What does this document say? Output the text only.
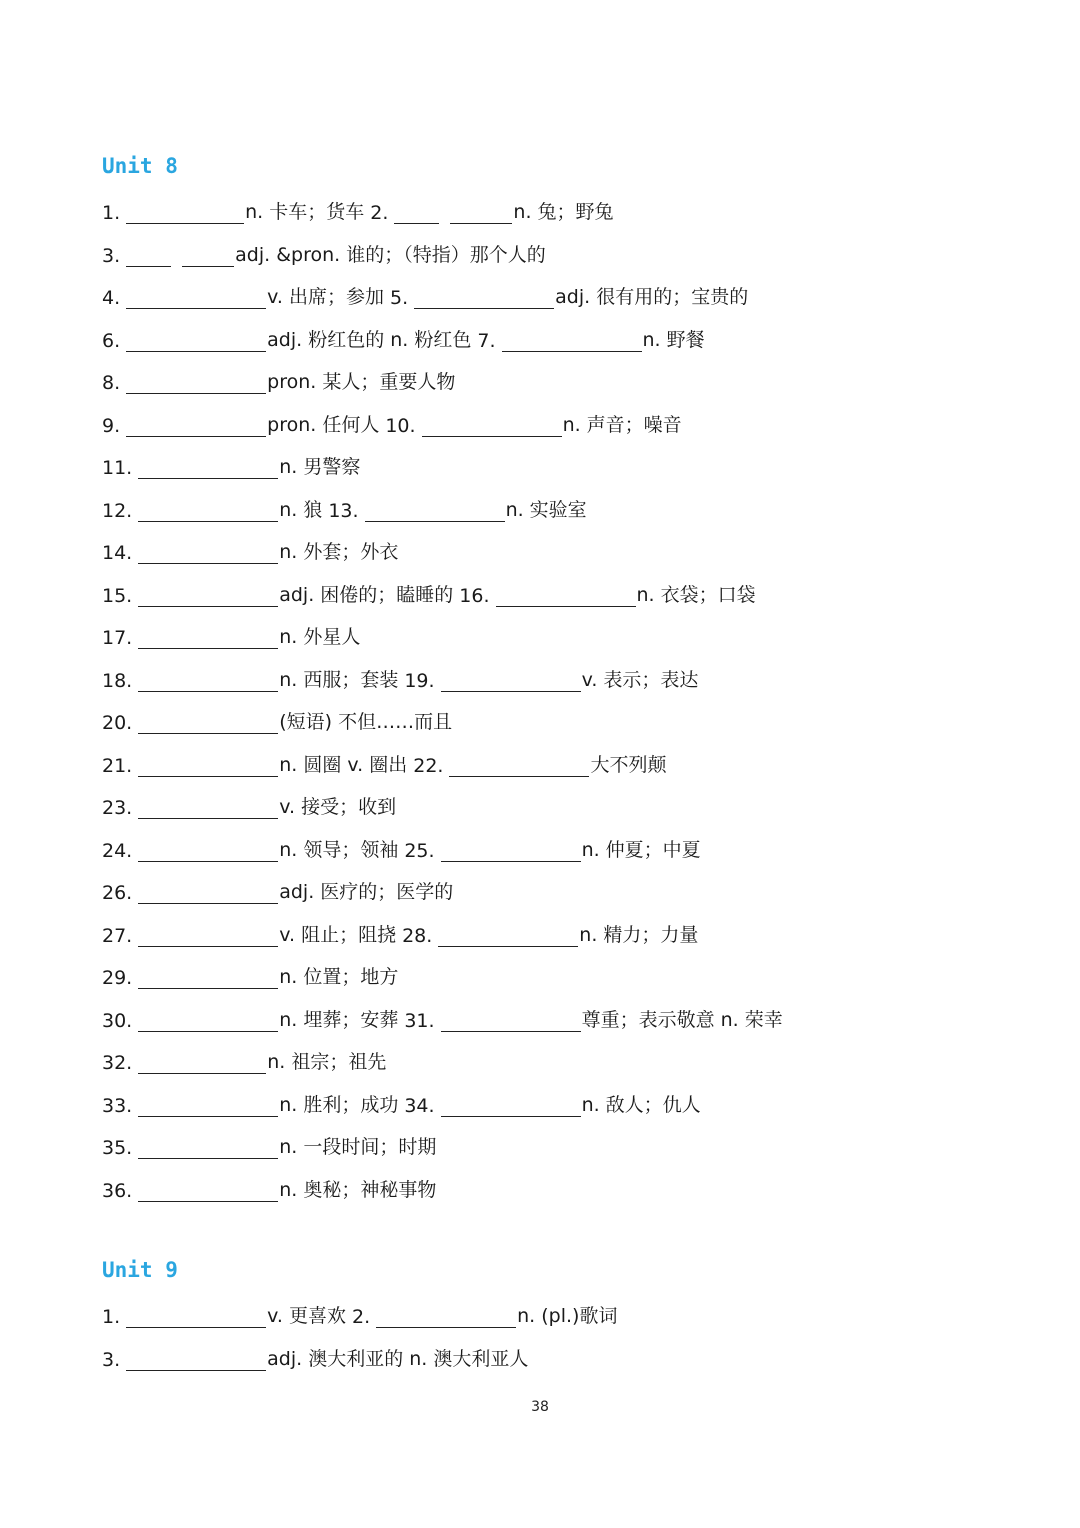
Unit 8
1.	n. 卡车；货车 2.	n. 兔；野兔
3.	adj. &pron. 谁的；（特指）那个人的
4.	v. 出席；参加 5.	adj. 很有用的；宝贵的
6.	adj. 粉红色的 n. 粉红色 7.	n. 野餐
8.	pron. 某人；重要人物
9.	pron. 任何人 10.	n. 声音；噪音
11.	n. 男警察
12.	n. 狼 13.	n. 实验室
14.	n. 外套；外衣
15.	adj. 困倦的；瞌睡的 16.	n. 衣袋；口袋
17.	n. 外星人
18.	n. 西服；套装 19.	v. 表示；表达
20.	(短语) 不但……而且
21.	n. 圆圈 v. 圈出 22.	大不列颠
23.	v. 接受；收到
24.	n. 领导；领袖 25.	n. 仲夏；中夏
26.	adj. 医疗的；医学的
27.	v. 阻止；阻挠 28.	n. 精力；力量
29.	n. 位置；地方
30.	n. 埋葬；安葬 31.	尊重；表示敬意 n. 荣幸
32.	n. 祖宗；祖先
33.	n. 胜利；成功 34.	n. 敌人；仇人
35.	n. 一段时间；时期
36.	n. 奥秘；神秘事物
Unit 9
1.	v. 更喜欢 2.	n. (pl.)歌词
3.	adj. 澳大利亚的 n. 澳大利亚人
38
